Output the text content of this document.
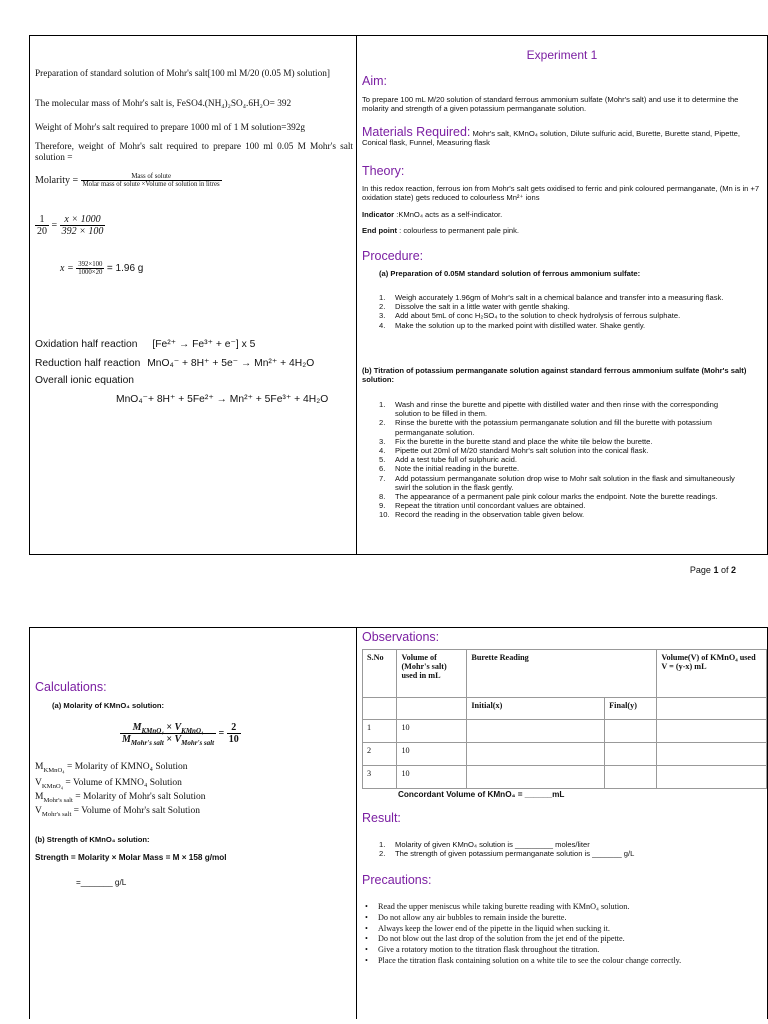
Preparation of standard solution of Mohr's salt[100 ml M/20 (0.05 M) solution]
The molecular mass of Mohr's salt is, FeSO4.(NH₄)₂SO₄.6H₂O= 392
Weight of Mohr's salt required to prepare 1000 ml of 1 M solution=392g
Therefore, weight of Mohr's salt required to prepare 100 ml 0.05 M Mohr's salt solution =
Molarity = $\frac{\text{Mass of solute}}{\text{Molar mass of solute ×Volume of solution in litres}}$
$\frac{1}{20} = \frac{x \times 1000}{392 \times 100}$
$x = \frac{392\times 100}{1000\times 20} = 1.96$ g
Oxidation half reaction [Fe²⁺ → Fe³⁺ + e⁻] x 5
Reduction half reaction MnO₄⁻ + 8H⁺ + 5e⁻ → Mn²⁺ + 4H₂O
Overall ionic equation
MnO₄⁻+ 8H⁺ + 5Fe²⁺ → Mn²⁺ + 5Fe³⁺ + 4H₂O
Experiment 1
Aim:
To prepare 100 mL M/20 solution of standard ferrous ammonium sulfate (Mohr's salt) and use it to determine the molarity and strength of a given potassium permanganate solution.
Materials Required: Mohr's salt, KMnO₄ solution, Dilute sulfuric acid, Burette, Burette stand, Pipette, Conical flask, Funnel, Measuring flask
Theory:
In this redox reaction, ferrous ion from Mohr's salt gets oxidised to ferric and pink coloured permanganate, (Mn is in +7 oxidation state) gets reduced to colourless Mn²⁺ ions
Indicator :KMnO₄ acts as a self-indicator.
End point : colourless to permanent pale pink.
Procedure:
(a) Preparation of 0.05M standard solution of ferrous ammonium sulfate:
1. Weigh accurately 1.96gm of Mohr's salt in a chemical balance and transfer into a measuring flask.
2. Dissolve the salt in a little water with gentle shaking.
3. Add about 5mL of conc H₂SO₄ to the solution to check hydrolysis of ferrous sulphate.
4. Make the solution up to the marked point with distilled water. Shake gently.
(b) Titration of potassium permanganate solution against standard ferrous ammonium sulfate (Mohr's salt) solution:
1. Wash and rinse the burette and pipette with distilled water and then rinse with the corresponding solution to be filled in them.
2. Rinse the burette with the potassium permanganate solution and fill the burette with potassium permanganate solution.
3. Fix the burette in the burette stand and place the white tile below the burette.
4. Pipette out 20ml of M/20 standard Mohr's salt solution into the conical flask.
5. Add a test tube full of sulphuric acid.
6. Note the initial reading in the burette.
7. Add potassium permanganate solution drop wise to Mohr salt solution in the flask and simultaneously swirl the solution in the flask gently.
8. The appearance of a permanent pale pink colour marks the endpoint. Note the burette readings.
9. Repeat the titration until concordant values are obtained.
10. Record the reading in the observation table given below.
Page 1 of 2
Calculations:
(a) Molarity of KMnO₄ solution:
$\frac{M_{KMnO_4} \times V_{KMnO_4}}{M_{Mohr's salt} \times V_{Mohr's salt}} = \frac{2}{10}$
$M_{KMnO_4}$ = Molarity of KMNO₄ Solution
$V_{KMnO_4}$ = Volume of KMNO₄ Solution
$M_{Mohr's salt}$ = Molarity of Mohr's salt Solution
$V_{Mohr's salt}$ = Volume of Mohr's salt Solution
(b) Strength of KMnO₄ solution:
Strength = Molarity × Molar Mass = M × 158 g/mol
=_______ g/L
Observations:
S.No	Volume of (Mohr's salt) used in mL	Burette Reading		Volume(V) of KMnO₄ used V = (y-x) mL
		Initial(x)	Final(y)	
1	10			
2	10			
3	10			
Concordant Volume of KMnO₄ = ______mL
Result:
1. Molarity of given KMnO₄ solution is _________ moles/liter
2. The strength of given potassium permanganate solution is _______ g/L
Precautions:
• Read the upper meniscus while taking burette reading with KMnO₄ solution.
• Do not allow any air bubbles to remain inside the burette.
• Always keep the lower end of the pipette in the liquid when sucking it.
• Do not blow out the last drop of the solution from the jet end of the pipette.
• Give a rotatory motion to the titration flask throughout the titration.
• Place the titration flask containing solution on a white tile to see the colour change correctly.
